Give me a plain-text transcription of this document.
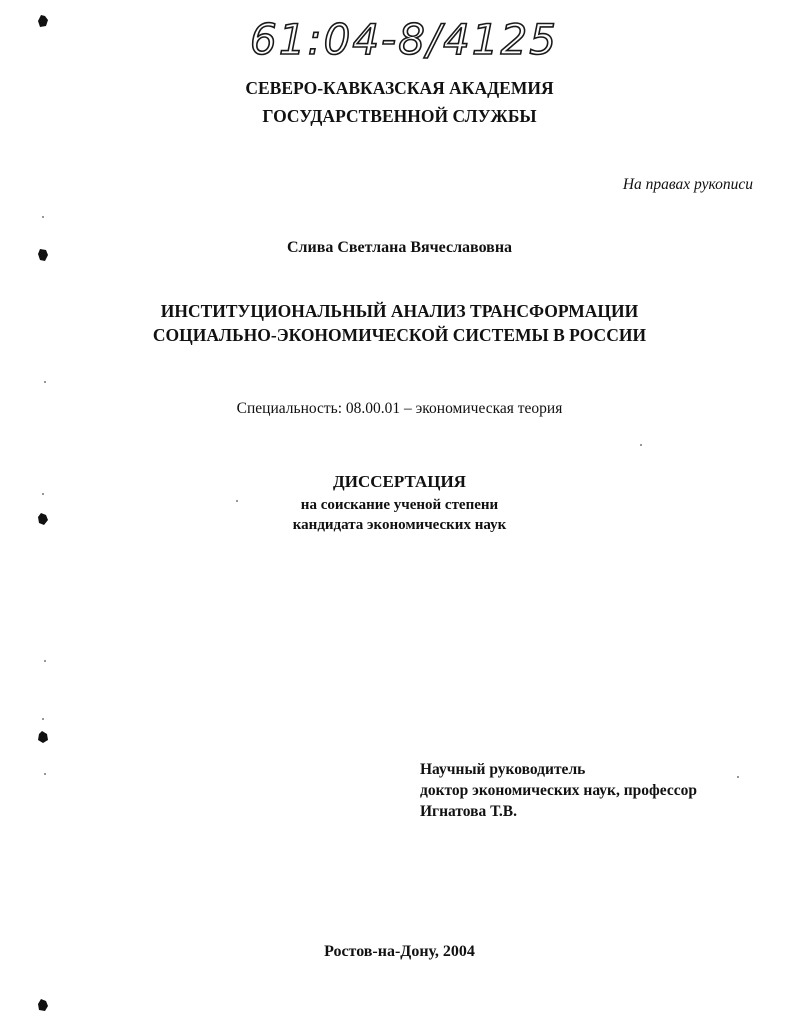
61:04-8/4125
СЕВЕРО-КАВКАЗСКАЯ АКАДЕМИЯ
ГОСУДАРСТВЕННОЙ СЛУЖБЫ
На правах рукописи
Слива Светлана Вячеславовна
ИНСТИТУЦИОНАЛЬНЫЙ АНАЛИЗ ТРАНСФОРМАЦИИ
СОЦИАЛЬНО-ЭКОНОМИЧЕСКОЙ СИСТЕМЫ В РОССИИ
Специальность: 08.00.01 – экономическая теория
ДИССЕРТАЦИЯ
на соискание ученой степени
кандидата экономических наук
Научный руководитель
доктор экономических наук, профессор
Игнатова Т.В.
Ростов-на-Дону, 2004
